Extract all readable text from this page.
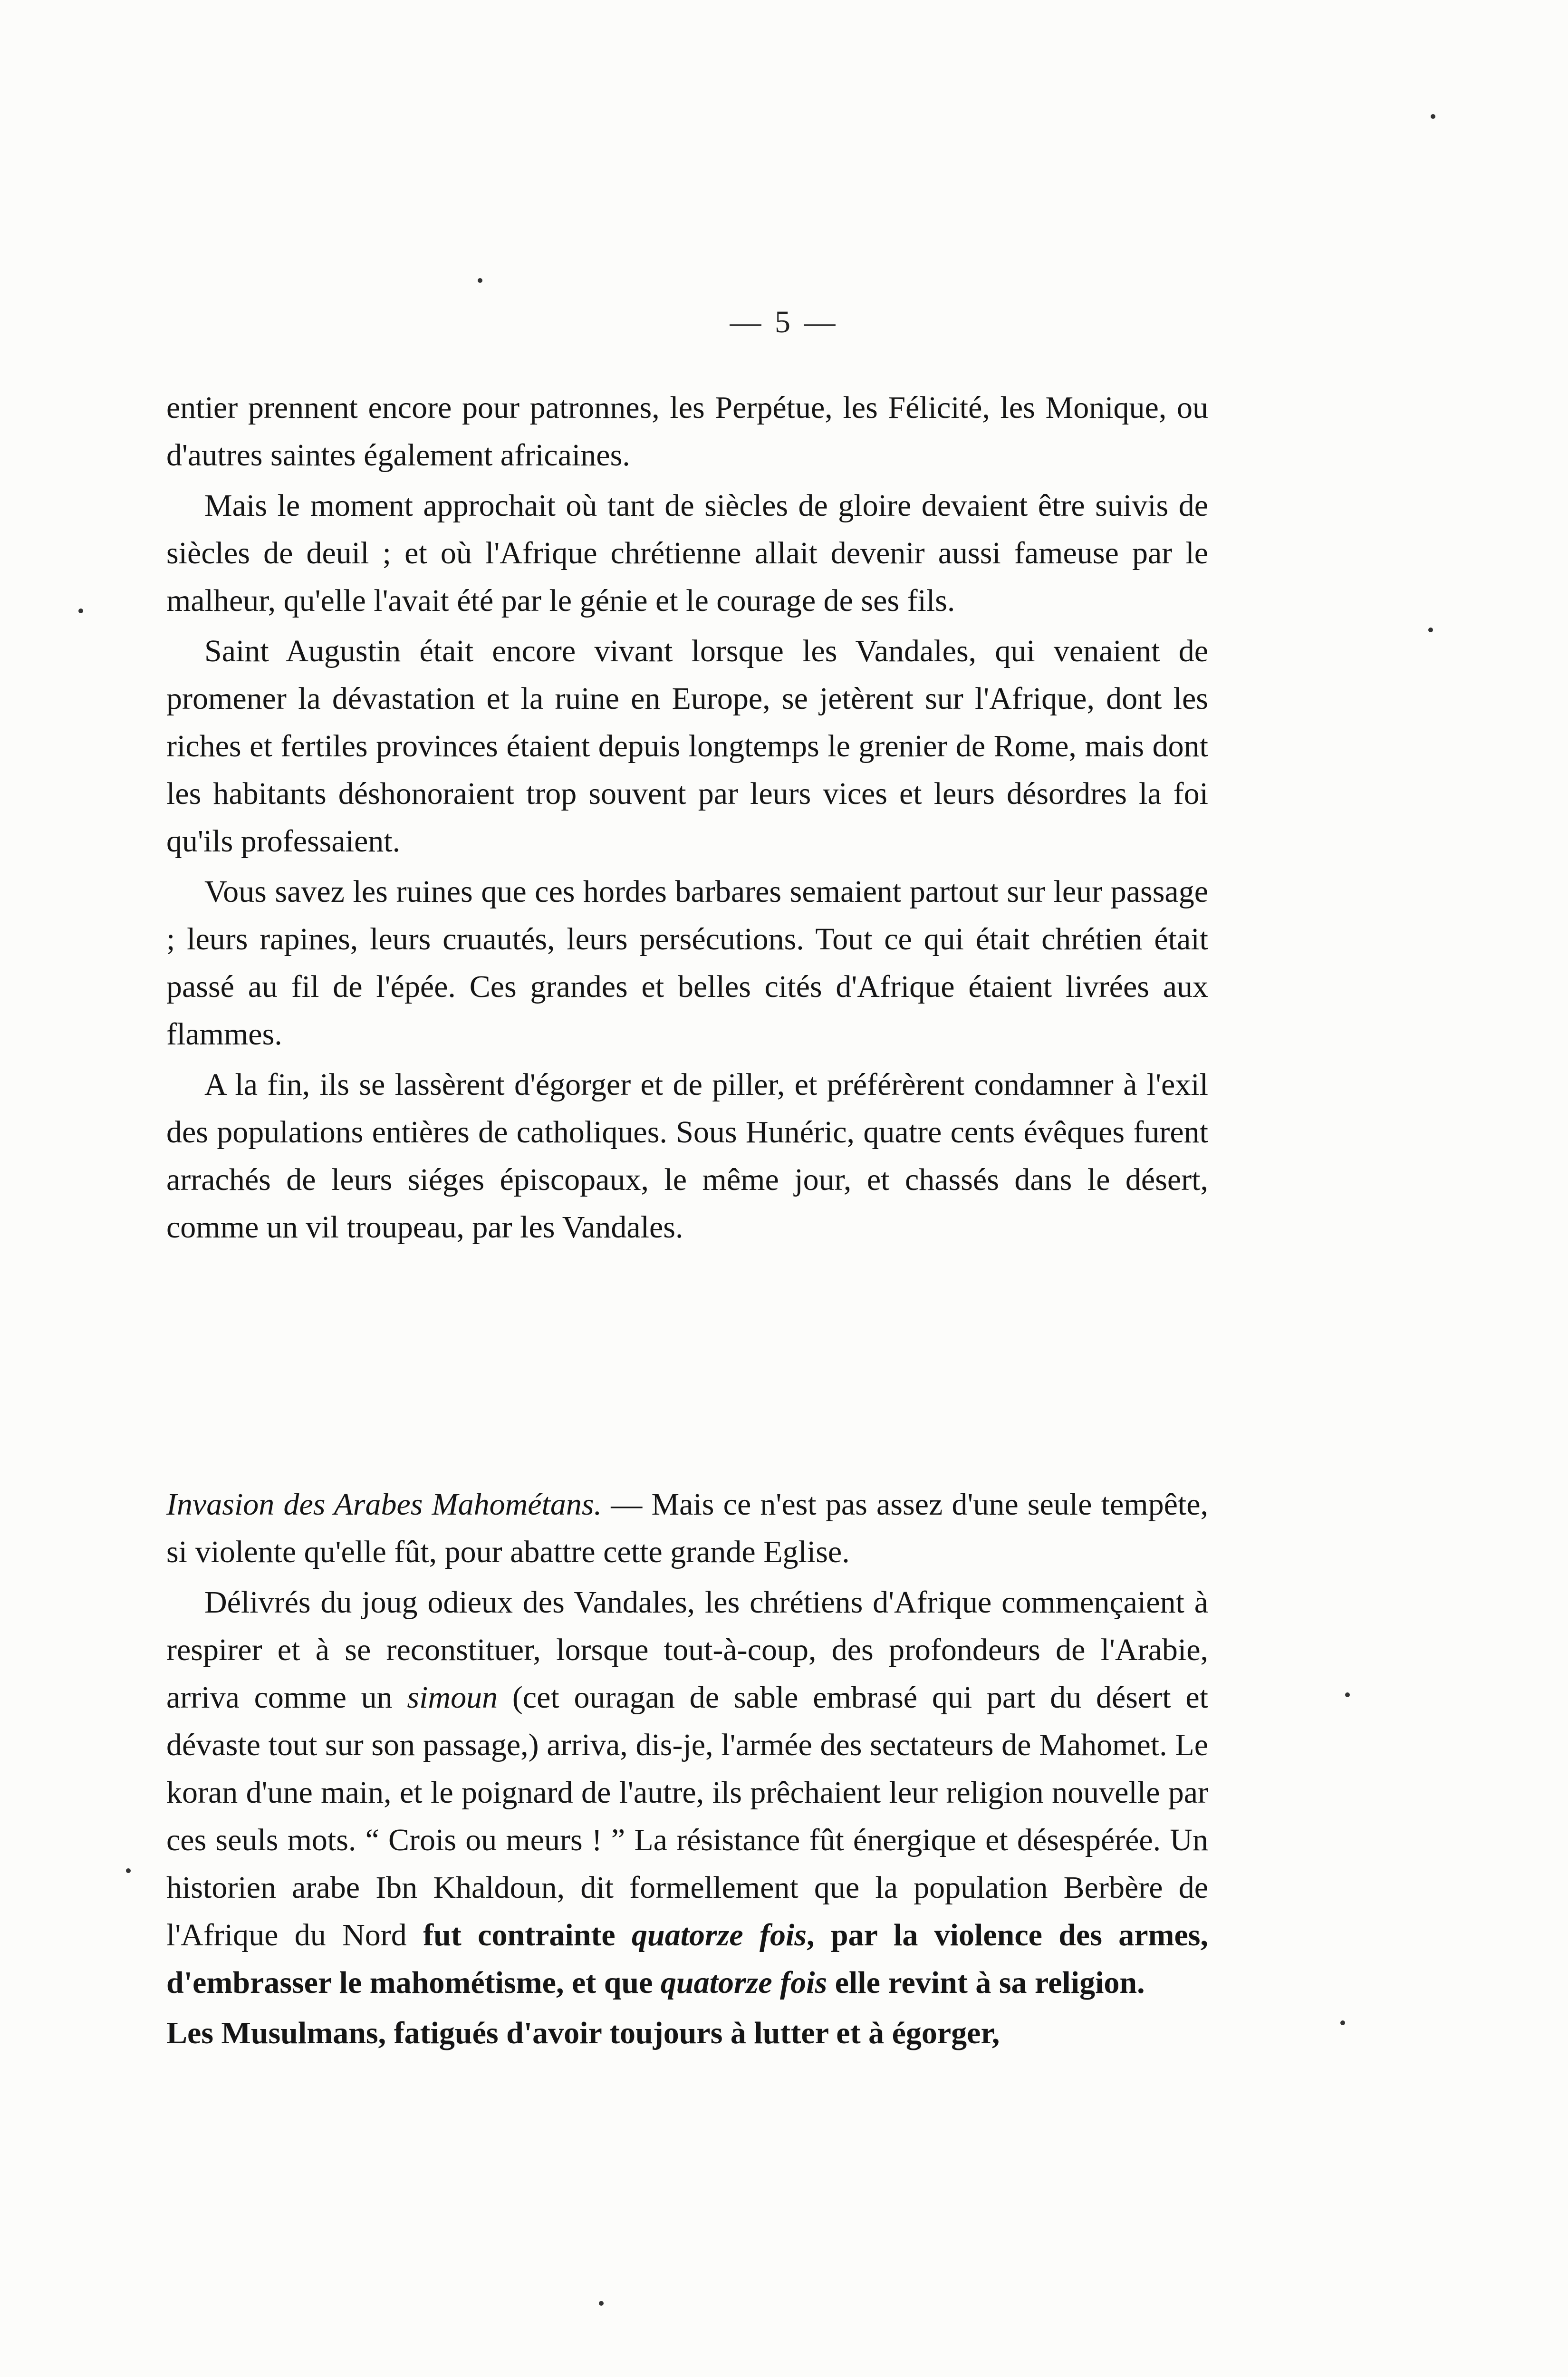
— 5 —

entier prennent encore pour patronnes, les Perpétue, les Félicité, les Monique, ou d'autres saintes également africaines.

Mais le moment approchait où tant de siècles de gloire devaient être suivis de siècles de deuil ; et où l'Afrique chrétienne allait devenir aussi fameuse par le malheur, qu'elle l'avait été par le génie et le courage de ses fils.

Saint Augustin était encore vivant lorsque les Vandales, qui venaient de promener la dévastation et la ruine en Europe, se jetèrent sur l'Afrique, dont les riches et fertiles provinces étaient depuis longtemps le grenier de Rome, mais dont les habitants déshonoraient trop souvent par leurs vices et leurs désordres la foi qu'ils professaient.

Vous savez les ruines que ces hordes barbares semaient partout sur leur passage ; leurs rapines, leurs cruautés, leurs persécutions. Tout ce qui était chrétien était passé au fil de l'épée. Ces grandes et belles cités d'Afrique étaient livrées aux flammes.

A la fin, ils se lassèrent d'égorger et de piller, et préférèrent condamner à l'exil des populations entières de catholiques. Sous Hunéric, quatre cents évêques furent arrachés de leurs siéges épiscopaux, le même jour, et chassés dans le désert, comme un vil troupeau, par les Vandales.

Invasion des Arabes Mahométans. — Mais ce n'est pas assez d'une seule tempête, si violente qu'elle fût, pour abattre cette grande Eglise.

Délivrés du joug odieux des Vandales, les chrétiens d'Afrique commençaient à respirer et à se reconstituer, lorsque tout-à-coup, des profondeurs de l'Arabie, arriva comme un simoun (cet ouragan de sable embrasé qui part du désert et dévaste tout sur son passage,) arriva, dis-je, l'armée des sectateurs de Mahomet. Le koran d'une main, et le poignard de l'autre, ils prêchaient leur religion nouvelle par ces seuls mots. “ Crois ou meurs ! ” La résistance fût énergique et désespérée. Un historien arabe Ibn Khaldoun, dit formellement que la population Berbère de l'Afrique du Nord fut contrainte quatorze fois, par la violence des armes, d'embrasser le mahométisme, et que quatorze fois elle revint à sa religion.

Les Musulmans, fatigués d'avoir toujours à lutter et à égorger,
